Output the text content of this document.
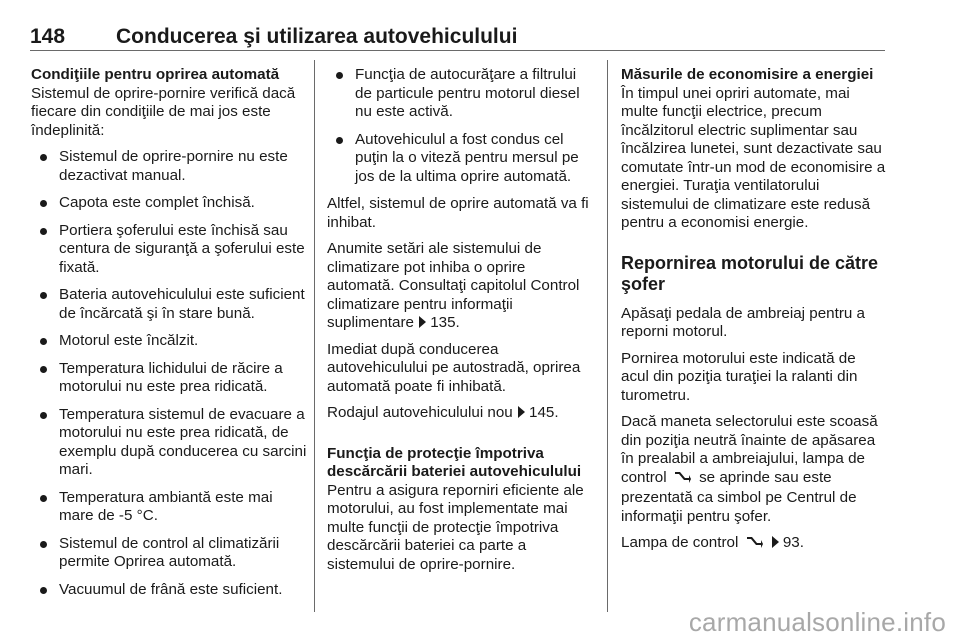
148 Conducerea şi utilizarea autovehiculului

Condiţiile pentru oprirea automată

Sistemul de oprire-pornire verifică dacă fiecare din condiţiile de mai jos este îndeplinită:

Sistemul de oprire-pornire nu este dezactivat manual.
Capota este complet închisă.
Portiera şoferului este închisă sau centura de siguranţă a şoferului este fixată.
Bateria autovehiculului este suficient de încărcată şi în stare bună.
Motorul este încălzit.
Temperatura lichidului de răcire a motorului nu este prea ridicată.
Temperatura sistemul de evacuare a motorului nu este prea ridicată, de exemplu după conducerea cu sarcini mari.
Temperatura ambiantă este mai mare de -5 °C.
Sistemul de control al climatizării permite Oprirea automată.
Vacuumul de frână este suficient.
Funcţia de autocurăţare a filtrului de particule pentru motorul diesel nu este activă.
Autovehiculul a fost condus cel puţin la o viteză pentru mersul pe jos de la ultima oprire automată.

Altfel, sistemul de oprire automată va fi inhibat.

Anumite setări ale sistemului de climatizare pot inhiba o oprire automată. Consultaţi capitolul Control climatizare pentru informaţii suplimentare 135.

Imediat după conducerea autovehiculului pe autostradă, oprirea automată poate fi inhibată.

Rodajul autovehiculului nou 145.

Funcţia de protecţie împotriva descărcării bateriei autovehiculului

Pentru a asigura reporniri eficiente ale motorului, au fost implementate mai multe funcţii de protecţie împotriva descărcării bateriei ca parte a sistemului de oprire-pornire.

Măsurile de economisire a energiei

În timpul unei opriri automate, mai multe funcţii electrice, precum încălzitorul electric suplimentar sau încălzirea lunetei, sunt dezactivate sau comutate într-un mod de economisire a energiei. Turaţia ventilatorului sistemului de climatizare este redusă pentru a economisi energie.

Repornirea motorului de către şofer

Apăsaţi pedala de ambreiaj pentru a reporni motorul.

Pornirea motorului este indicată de acul din poziţia turaţiei la ralanti din turometru.

Dacă maneta selectorului este scoasă din poziţia neutră înainte de apăsarea în prealabil a ambreiajului, lampa de control se aprinde sau este prezentată ca simbol pe Centrul de informaţii pentru şofer.

Lampa de control	93.

carmanualsonline.info
